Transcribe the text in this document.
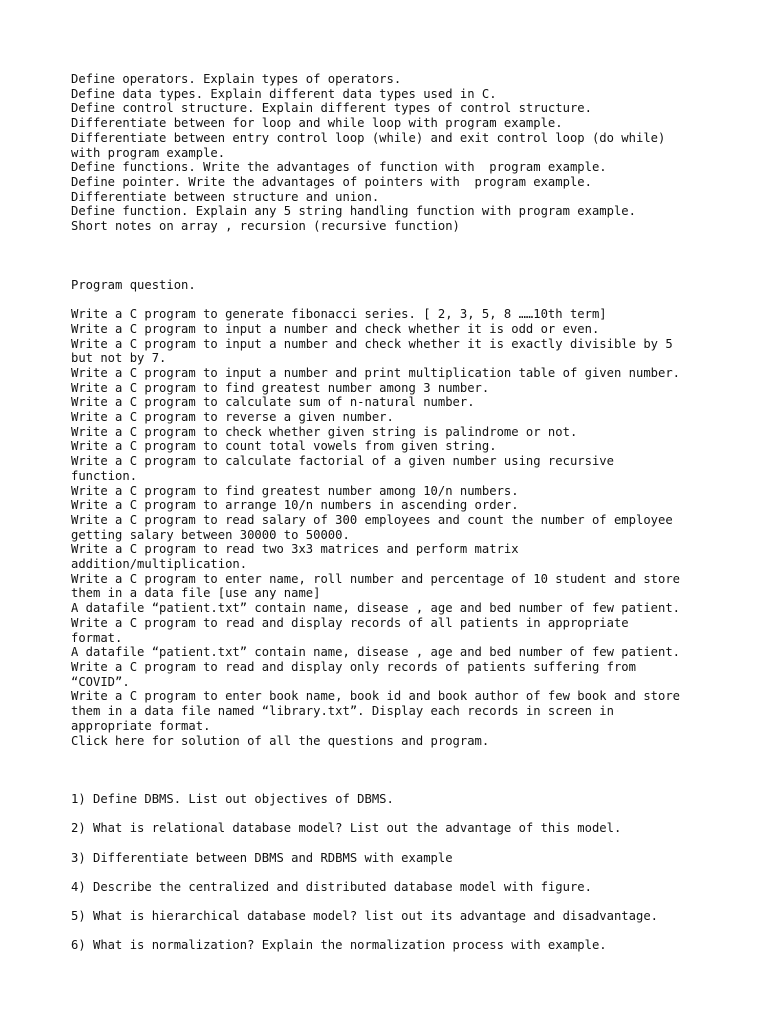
Define operators. Explain types of operators.
Define data types. Explain different data types used in C.
Define control structure. Explain different types of control structure.
Differentiate between for loop and while loop with program example.
Differentiate between entry control loop (while) and exit control loop (do while)
with program example.
Define functions. Write the advantages of function with  program example.
Define pointer. Write the advantages of pointers with  program example.
Differentiate between structure and union.
Define function. Explain any 5 string handling function with program example.
Short notes on array , recursion (recursive function)
Program question.
Write a C program to generate fibonacci series. [ 2, 3, 5, 8 ……10th term]
Write a C program to input a number and check whether it is odd or even.
Write a C program to input a number and check whether it is exactly divisible by 5
but not by 7.
Write a C program to input a number and print multiplication table of given number.
Write a C program to find greatest number among 3 number.
Write a C program to calculate sum of n-natural number.
Write a C program to reverse a given number.
Write a C program to check whether given string is palindrome or not.
Write a C program to count total vowels from given string.
Write a C program to calculate factorial of a given number using recursive
function.
Write a C program to find greatest number among 10/n numbers.
Write a C program to arrange 10/n numbers in ascending order.
Write a C program to read salary of 300 employees and count the number of employee
getting salary between 30000 to 50000.
Write a C program to read two 3x3 matrices and perform matrix
addition/multiplication.
Write a C program to enter name, roll number and percentage of 10 student and store
them in a data file [use any name]
A datafile “patient.txt” contain name, disease , age and bed number of few patient.
Write a C program to read and display records of all patients in appropriate
format.
A datafile “patient.txt” contain name, disease , age and bed number of few patient.
Write a C program to read and display only records of patients suffering from
“COVID”.
Write a C program to enter book name, book id and book author of few book and store
them in a data file named “library.txt”. Display each records in screen in
appropriate format.
Click here for solution of all the questions and program.
1) Define DBMS. List out objectives of DBMS.
2) What is relational database model? List out the advantage of this model.
3) Differentiate between DBMS and RDBMS with example
4) Describe the centralized and distributed database model with figure.
5) What is hierarchical database model? list out its advantage and disadvantage.
6) What is normalization? Explain the normalization process with example.
